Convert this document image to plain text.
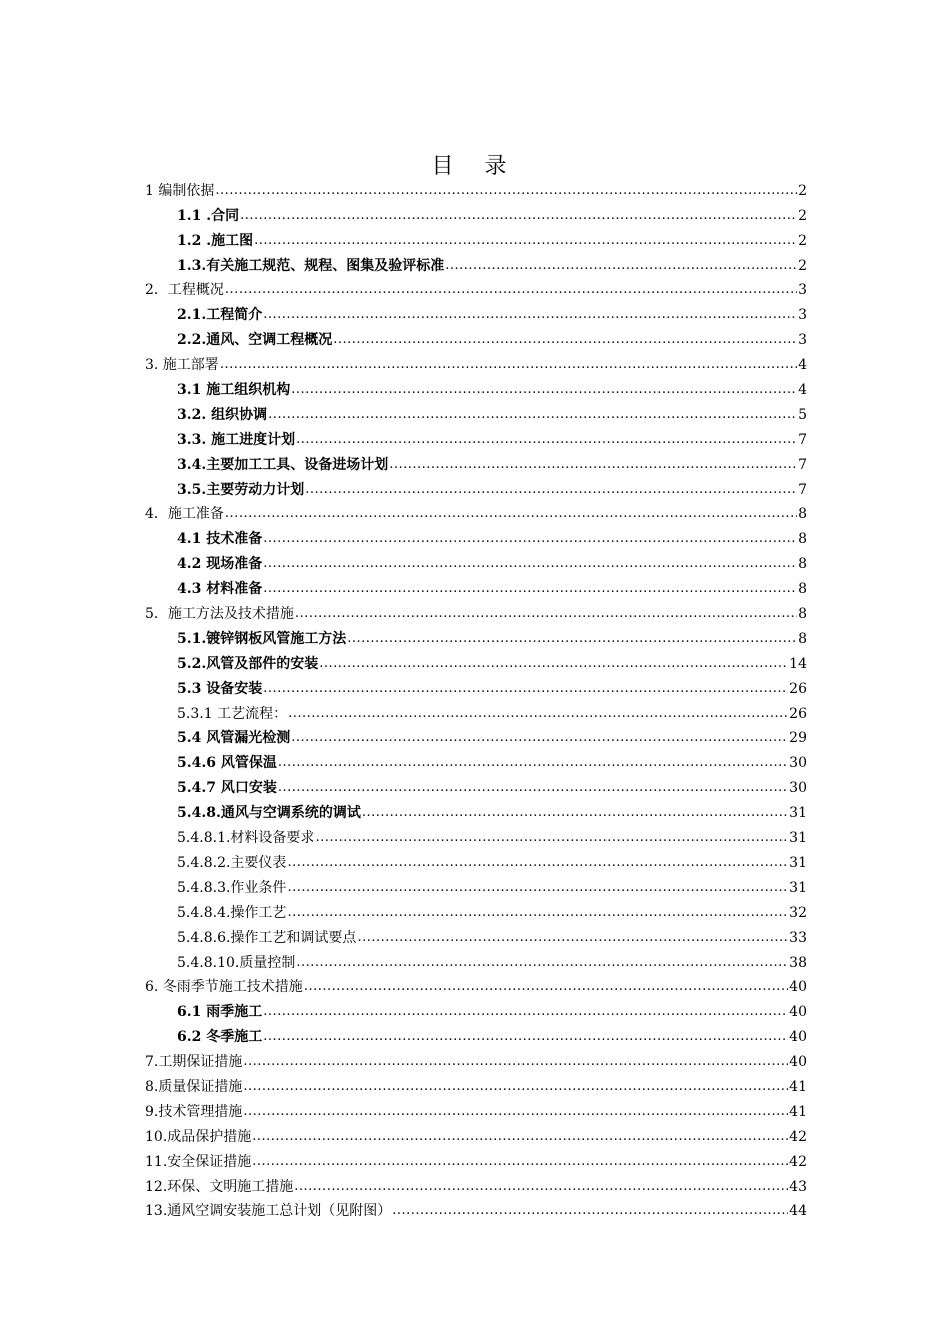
目 录
1 编制依据 .....	2
1.1 .合同 .....	2
1.2 .施工图 .....	2
1.3.有关施工规范、规程、图集及验评标准 .....	2
2．工程概况 .....	3
2.1.工程简介 .....	3
2.2.通风、空调工程概况 .....	3
3. 施工部署 .....	4
3.1 施工组织机构 .....	4
3.2. 组织协调 .....	5
3.3. 施工进度计划 .....	7
3.4.主要加工工具、设备进场计划 .....	7
3.5.主要劳动力计划 .....	7
4．施工准备 .....	8
4.1 技术准备 .....	8
4.2 现场准备 .....	8
4.3 材料准备 .....	8
5．施工方法及技术措施 .....	8
5.1.镀锌钢板风管施工方法 .....	8
5.2.风管及部件的安装 .....	14
5.3 设备安装 .....	26
5.3.1 工艺流程： .....	26
5.4 风管漏光检测 .....	29
5.4.6 风管保温 .....	30
5.4.7 风口安装 .....	30
5.4.8.通风与空调系统的调试 .....	31
5.4.8.1.材料设备要求 .....	31
5.4.8.2.主要仪表 .....	31
5.4.8.3.作业条件 .....	31
5.4.8.4.操作工艺 .....	32
5.4.8.6.操作工艺和调试要点 .....	33
5.4.8.10.质量控制 .....	38
6. 冬雨季节施工技术措施 .....	40
6.1 雨季施工 .....	40
6.2 冬季施工 .....	40
7.工期保证措施 .....	40
8.质量保证措施 .....	41
9.技术管理措施 .....	41
10.成品保护措施 .....	42
11.安全保证措施 .....	42
12.环保、文明施工措施 .....	43
13.通风空调安装施工总计划（见附图） .....	44
